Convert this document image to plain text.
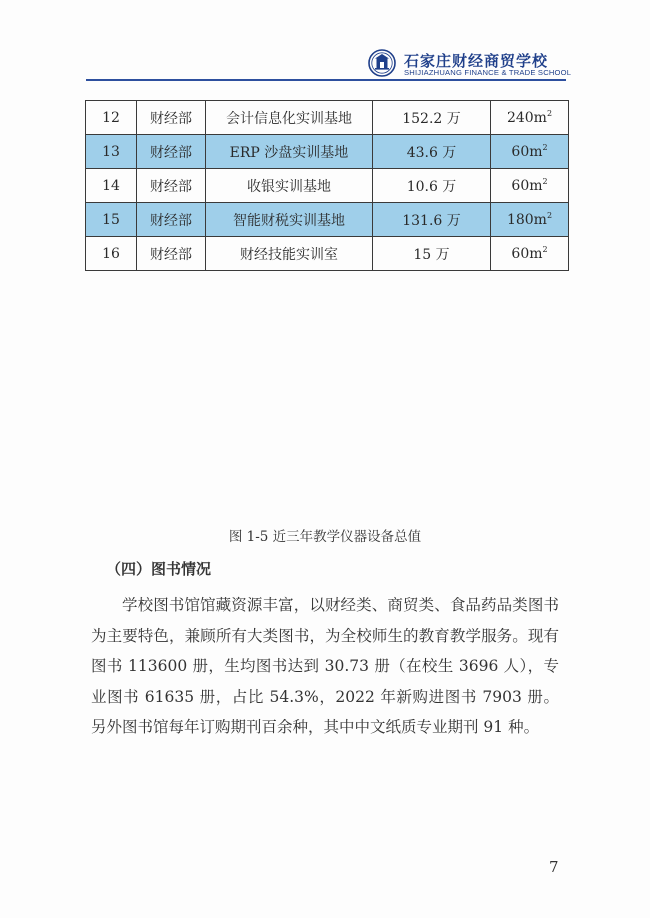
石家庄财经商贸学校
SHIJIAZHUANG FINANCE & TRADE SCHOOL
12	财经部	会计信息化实训基地	152.2 万	$240m^2$
13	财经部	ERP 沙盘实训基地	43.6 万	$60m^2$
14	财经部	收银实训基地	10.6 万	$60m^2$
15	财经部	智能财税实训基地	131.6 万	$180m^2$
16	财经部	财经技能实训室	15 万	$60m^2$
图 1-5 近三年教学仪器设备总值
（四）图书情况
学校图书馆馆藏资源丰富，以财经类、商贸类、食品药品类图书为主要特色，兼顾所有大类图书，为全校师生的教育教学服务。现有图书 113600 册，生均图书达到 30.73 册（在校生 3696 人），专业图书 61635 册，占比 54.3%，2022 年新购进图书 7903 册。另外图书馆每年订购期刊百余种，其中中文纸质专业期刊 91 种。
7
